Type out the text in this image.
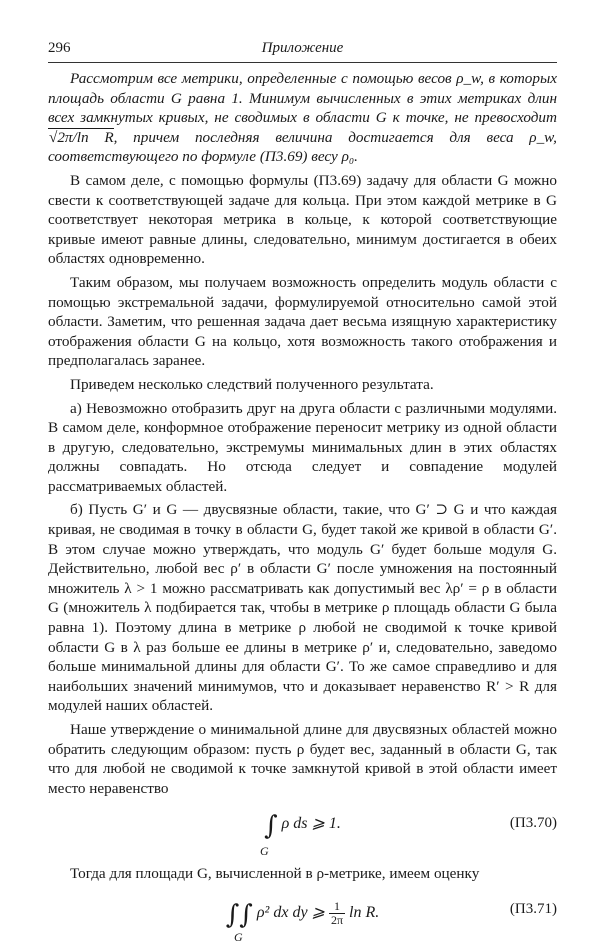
296	Приложение

Рассмотрим все метрики, определенные с помощью весов ρ_w, в которых площадь области G равна 1. Минимум вычисленных в этих метриках длин всех замкнутых кривых, не сводимых в области G к точке, не превосходит √2π/ln R, причем последняя величина достигается для веса ρ_w, соответствующего по формуле (П3.69) весу ρ₀.

В самом деле, с помощью формулы (П3.69) задачу для области G можно свести к соответствующей задаче для кольца. При этом каждой метрике в G соответствует некоторая метрика в кольце, к которой соответствующие кривые имеют равные длины, следовательно, минимум достигается в обеих областях одновременно.

Таким образом, мы получаем возможность определить модуль области с помощью экстремальной задачи, формулируемой относительно самой этой области. Заметим, что решенная задача дает весьма изящную характеристику отображения области G на кольцо, хотя возможность такого отображения и предполагалась заранее.

Приведем несколько следствий полученного результата.

а) Невозможно отобразить друг на друга области с различными модулями. В самом деле, конформное отображение переносит метрику из одной области в другую, следовательно, экстремумы минимальных длин в этих областях должны совпадать. Но отсюда следует и совпадение модулей рассматриваемых областей.

б) Пусть G′ и G — двусвязные области, такие, что G′ ⊃ G и что каждая кривая, не сводимая в точку в области G, будет такой же кривой в области G′. В этом случае можно утверждать, что модуль G′ будет больше модуля G. Действительно, любой вес ρ′ в области G′ после умножения на постоянный множитель λ > 1 можно рассматривать как допустимый вес λρ′ = ρ в области G (множитель λ подбирается так, чтобы в метрике ρ площадь области G была равна 1). Поэтому длина в метрике ρ любой не сводимой к точке кривой области G в λ раз больше ее длины в метрике ρ′ и, следовательно, заведомо больше минимальной длины для области G′. То же самое справедливо и для наибольших значений минимумов, что и доказывает неравенство R′ > R для модулей наших областей.

Наше утверждение о минимальной длине для двусвязных областей можно обратить следующим образом: пусть ρ будет вес, заданный в области G, так что для любой не сводимой к точке замкнутой кривой в этой области имеет место неравенство

∫ ρ ds ⩾ 1.
G
(П3.70)

Тогда для площади G, вычисленной в ρ-метрике, имеем оценку

∫∫ ρ² dx dy ⩾ $\frac{1}{2\pi}$ ln R.
G
(П3.71)
